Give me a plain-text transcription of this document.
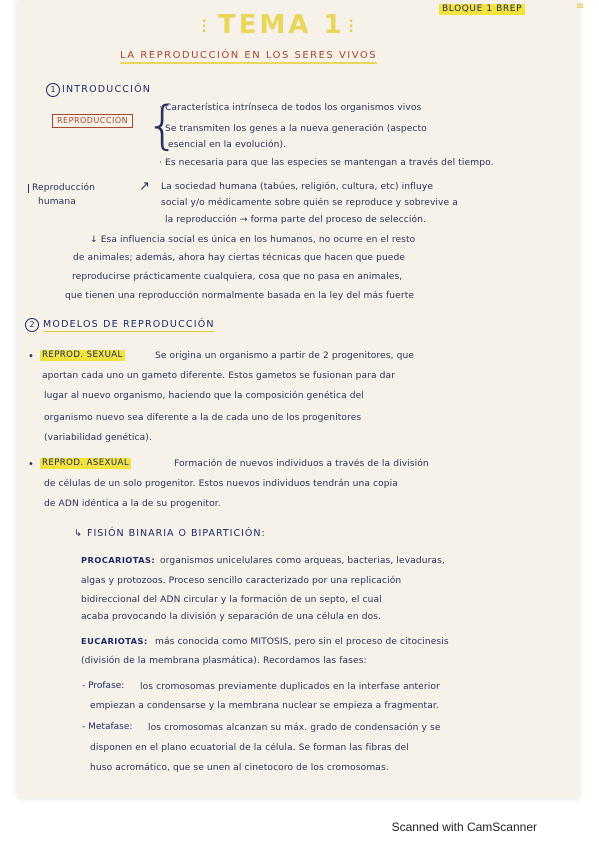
BLOQUE 1 BREP	≡
⁝ TEMA 1 ⁝
LA REPRODUCCIÓN EN LOS SERES VIVOS
1 INTRODUCCIÓN
REPRODUCCIÓN {
· Característica intrínseca de todos los organismos vivos
· Se transmiten los genes a la nueva generación (aspecto
esencial en la evolución).
· Es necesaria para que las especies se mantengan a través del tiempo.
Reproducción
humana
↗ La sociedad humana (tabúes, religión, cultura, etc) influye
social y/o médicamente sobre quién se reproduce y sobrevive a
la reproducción → forma parte del proceso de selección.
↓ Esa influencia social es única en los humanos, no ocurre en el resto
de animales; además, ahora hay ciertas técnicas que hacen que puede
reproducirse prácticamente cualquiera, cosa que no pasa en animales,
que tienen una reproducción normalmente basada en la ley del más fuerte
2 MODELOS DE REPRODUCCIÓN
• REPROD. SEXUAL	Se origina un organismo a partir de 2 progenitores, que
aportan cada uno un gameto diferente. Estos gametos se fusionan para dar
lugar al nuevo organismo, haciendo que la composición genética del
organismo nuevo sea diferente a la de cada uno de los progenitores
(variabilidad genética).
• REPROD. ASEXUAL	Formación de nuevos individuos a través de la división
de células de un solo progenitor. Estos nuevos individuos tendrán una copia
de ADN idéntica a la de su progenitor.
↳ FISIÓN BINARIA O BIPARTICIÓN:
PROCARIOTAS: organismos unicelulares como arqueas, bacterias, levaduras,
algas y protozoos. Proceso sencillo caracterizado por una replicación
bidireccional del ADN circular y la formación de un septo, el cual
acaba provocando la división y separación de una célula en dos.
EUCARIOTAS: más conocida como MITOSIS, pero sin el proceso de citocinesis
(división de la membrana plasmática). Recordamos las fases:
- Profase: los cromosomas previamente duplicados en la interfase anterior
empiezan a condensarse y la membrana nuclear se empieza a fragmentar.
- Metafase: los cromosomas alcanzan su máx. grado de condensación y se
disponen en el plano ecuatorial de la célula. Se forman las fibras del
huso acromático, que se unen al cinetocoro de los cromosomas.
Scanned with CamScanner
